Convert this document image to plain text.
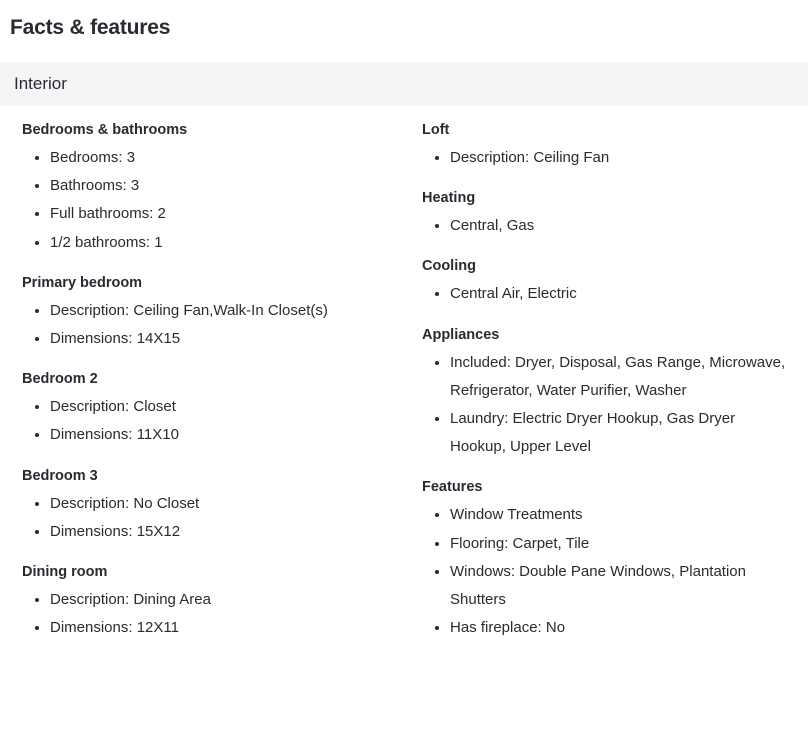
Facts & features
Interior
Bedrooms & bathrooms
• Bedrooms: 3
• Bathrooms: 3
• Full bathrooms: 2
• 1/2 bathrooms: 1
Primary bedroom
• Description: Ceiling Fan,Walk-In Closet(s)
• Dimensions: 14X15
Bedroom 2
• Description: Closet
• Dimensions: 11X10
Bedroom 3
• Description: No Closet
• Dimensions: 15X12
Dining room
• Description: Dining Area
• Dimensions: 12X11
Loft
• Description: Ceiling Fan
Heating
• Central, Gas
Cooling
• Central Air, Electric
Appliances
• Included: Dryer, Disposal, Gas Range, Microwave, Refrigerator, Water Purifier, Washer
• Laundry: Electric Dryer Hookup, Gas Dryer Hookup, Upper Level
Features
• Window Treatments
• Flooring: Carpet, Tile
• Windows: Double Pane Windows, Plantation Shutters
• Has fireplace: No
